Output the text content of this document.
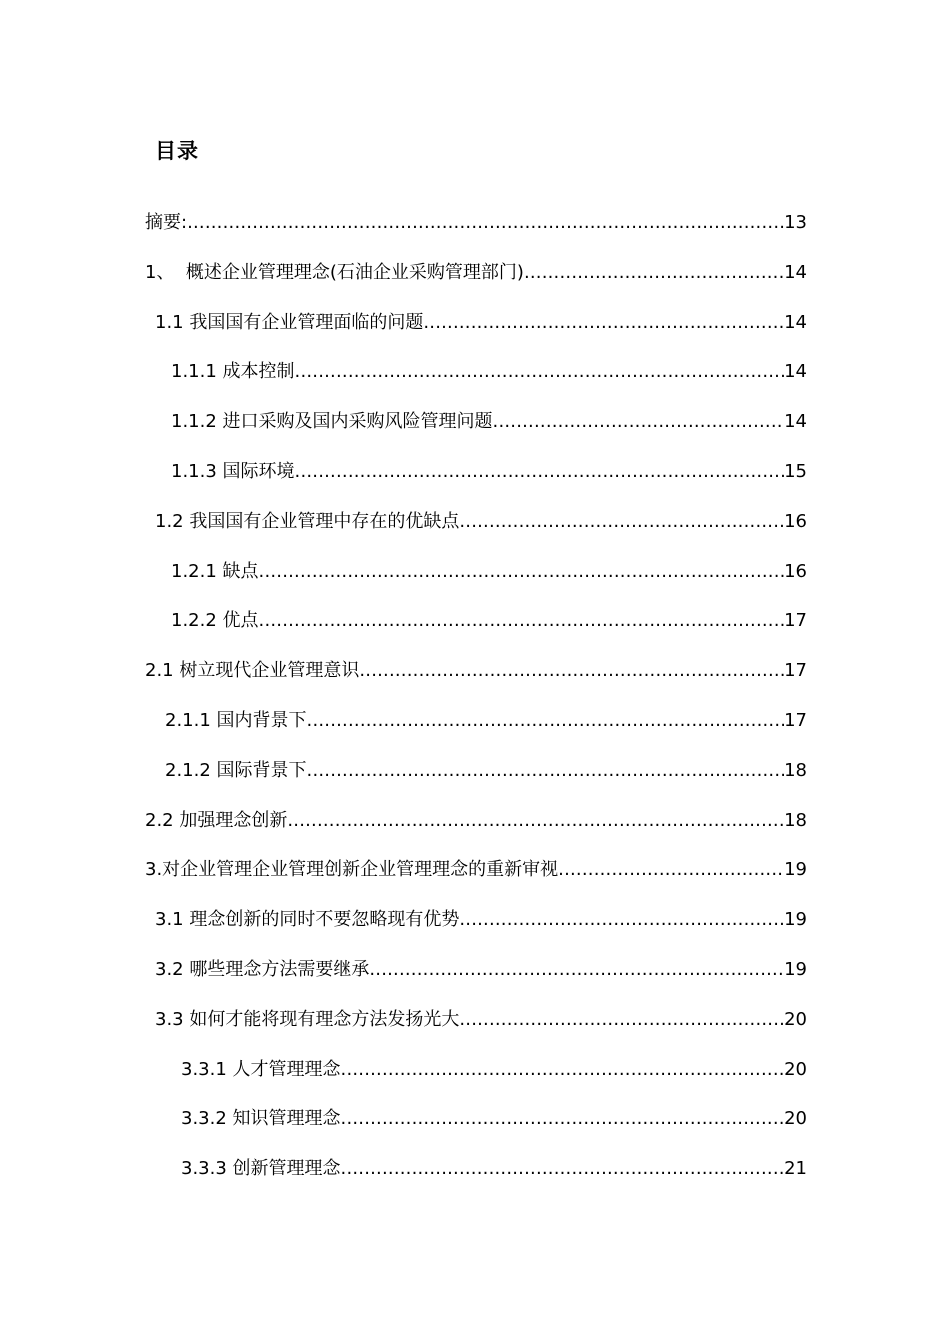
目录
摘要: .....	13
1、  概述企业管理理念(石油企业采购管理部门) .....	14
1.1 我国国有企业管理面临的问题 .....	14
1.1.1 成本控制 .....	14
1.1.2 进口采购及国内采购风险管理问题 .....	14
1.1.3 国际环境 .....	15
1.2 我国国有企业管理中存在的优缺点 .....	16
1.2.1 缺点 .....	16
1.2.2 优点 .....	17
2.1 树立现代企业管理意识 .....	17
2.1.1 国内背景下 .....	17
2.1.2 国际背景下 .....	18
2.2 加强理念创新 .....	18
3.对企业管理企业管理创新企业管理理念的重新审视 .....	19
3.1 理念创新的同时不要忽略现有优势 .....	19
3.2 哪些理念方法需要继承 .....	19
3.3 如何才能将现有理念方法发扬光大 .....	20
3.3.1 人才管理理念 .....	20
3.3.2 知识管理理念 .....	20
3.3.3 创新管理理念 .....	21
